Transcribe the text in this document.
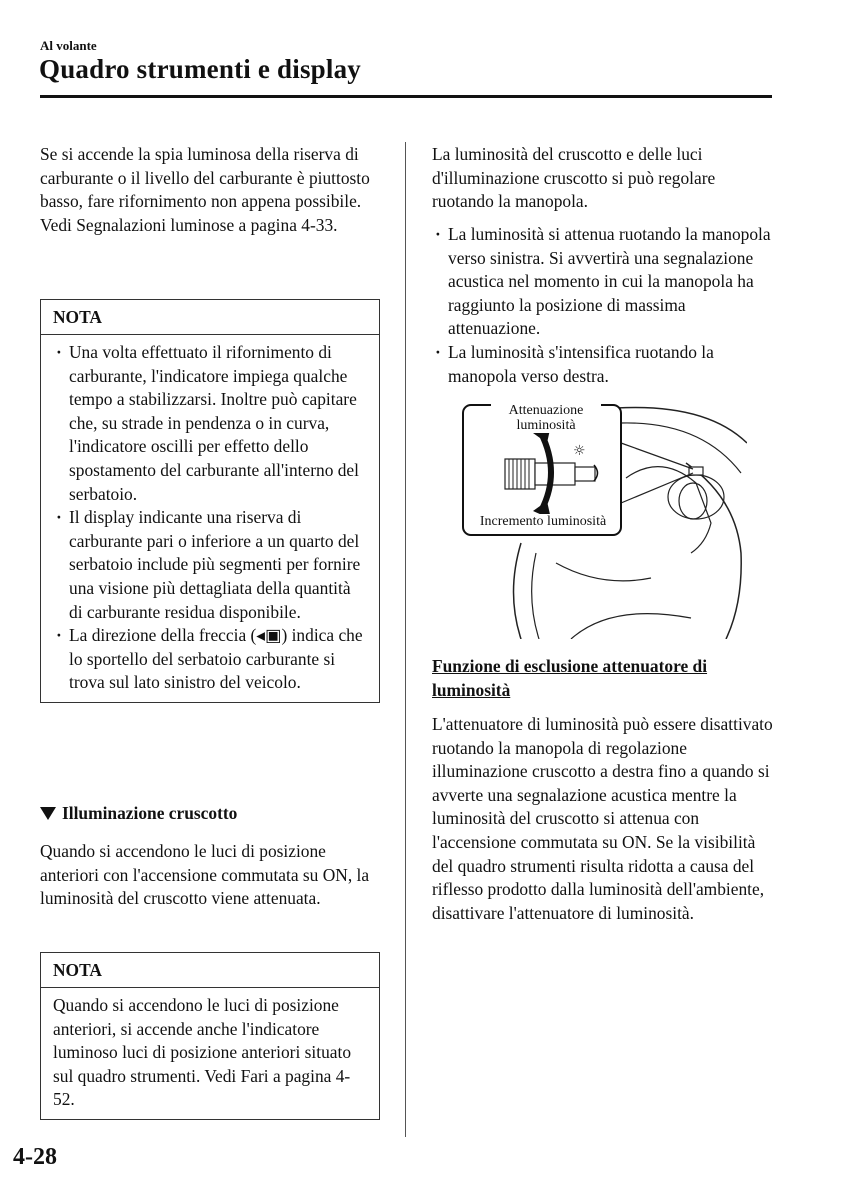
Al volante
Quadro strumenti e display
Se si accende la spia luminosa della riserva di carburante o il livello del carburante è piuttosto basso, fare rifornimento non appena possibile. Vedi Segnalazioni luminose a pagina 4-33.
NOTA
· Una volta effettuato il rifornimento di carburante, l'indicatore impiega qualche tempo a stabilizzarsi. Inoltre può capitare che, su strade in pendenza o in curva, l'indicatore oscilli per effetto dello spostamento del carburante all'interno del serbatoio.
· Il display indicante una riserva di carburante pari o inferiore a un quarto del serbatoio include più segmenti per fornire una visione più dettagliata della quantità di carburante residua disponibile.
· La direzione della freccia (◂▣) indica che lo sportello del serbatoio carburante si trova sul lato sinistro del veicolo.
Illuminazione cruscotto
Quando si accendono le luci di posizione anteriori con l'accensione commutata su ON, la luminosità del cruscotto viene attenuata.
NOTA
Quando si accendono le luci di posizione anteriori, si accende anche l'indicatore luminoso luci di posizione anteriori situato sul quadro strumenti. Vedi Fari a pagina 4-52.
La luminosità del cruscotto e delle luci d'illuminazione cruscotto si può regolare ruotando la manopola.
· La luminosità si attenua ruotando la manopola verso sinistra. Si avvertirà una segnalazione acustica nel momento in cui la manopola ha raggiunto la posizione di massima attenuazione.
· La luminosità s'intensifica ruotando la manopola verso destra.
☼
Attenuazione luminosità
Incremento luminosità
Funzione di esclusione attenuatore di luminosità
L'attenuatore di luminosità può essere disattivato ruotando la manopola di regolazione illuminazione cruscotto a destra fino a quando si avverte una segnalazione acustica mentre la luminosità del cruscotto si attenua con l'accensione commutata su ON. Se la visibilità del quadro strumenti risulta ridotta a causa del riflesso prodotto dalla luminosità dell'ambiente, disattivare l'attenuatore di luminosità.
4-28
